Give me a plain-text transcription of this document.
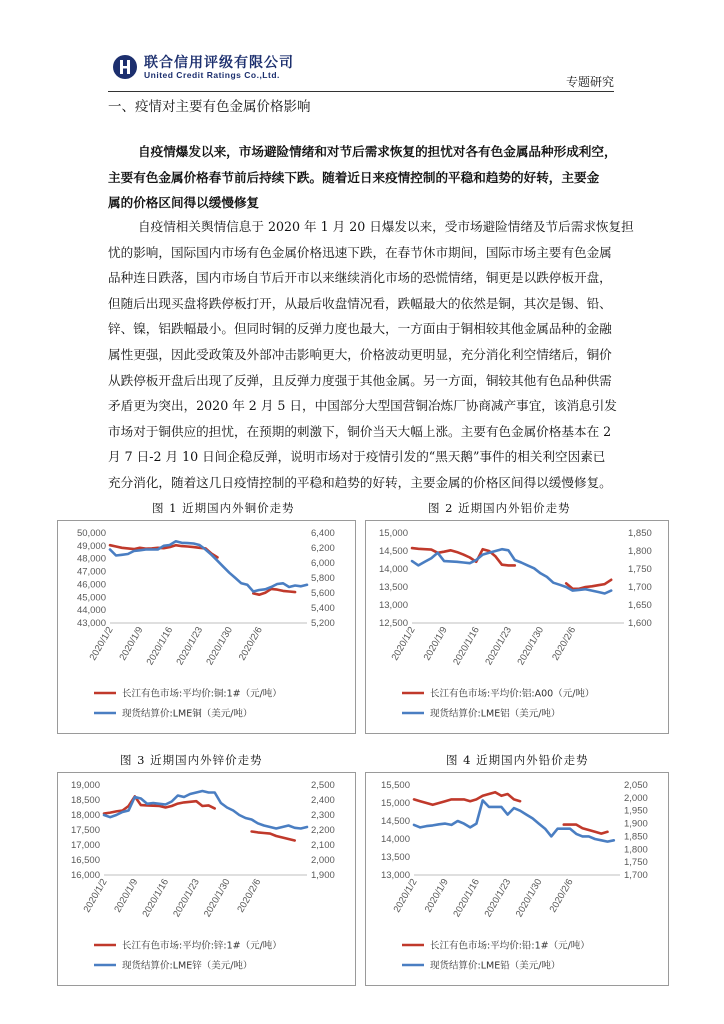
联合信用评级有限公司
United Credit Ratings Co.,Ltd.	专题研究
一、疫情对主要有色金属价格影响

自疫情爆发以来，市场避险情绪和对节后需求恢复的担忧对各有色金属品种形成利空，
主要有色金属价格春节前后持续下跌。随着近日来疫情控制的平稳和趋势的好转，主要金
属的价格区间得以缓慢修复

自疫情相关舆情信息于 2020 年 1 月 20 日爆发以来，受市场避险情绪及节后需求恢复担
忧的影响，国际国内市场有色金属价格迅速下跌，在春节休市期间，国际市场主要有色金属
品种连日跌落，国内市场自节后开市以来继续消化市场的恐慌情绪，铜更是以跌停板开盘，
但随后出现买盘将跌停板打开，从最后收盘情况看，跌幅最大的依然是铜，其次是锡、铅、
锌、镍，铝跌幅最小。但同时铜的反弹力度也最大，一方面由于铜相较其他金属品种的金融
属性更强，因此受政策及外部冲击影响更大，价格波动更明显，充分消化利空情绪后，铜价
从跌停板开盘后出现了反弹，且反弹力度强于其他金属。另一方面，铜较其他有色品种供需
矛盾更为突出，2020 年 2 月 5 日，中国部分大型国营铜冶炼厂协商减产事宜，该消息引发
市场对于铜供应的担忧，在预期的刺激下，铜价当天大幅上涨。主要有色金属价格基本在 2
月 7 日-2 月 10 日间企稳反弹，说明市场对于疫情引发的“黑天鹅”事件的相关利空因素已
充分消化，随着这几日疫情控制的平稳和趋势的好转，主要金属的价格区间得以缓慢修复。

图 1 近期国内外铜价走势	图 2 近期国内外铝价走势
图 3 近期国内外锌价走势	图 4 近期国内外铅价走势
43,000
44,000
45,000
46,000
47,000
48,000
49,000
50,000
5,200
5,400
5,600
5,800
6,000
6,200
6,400
2020/1/2 2020/1/9 2020/1/16 2020/1/23 2020/1/30 2020/2/6
长江有色市场:平均价:铜:1#（元/吨）
现货结算价:LME铜（美元/吨）
12,500
13,000
13,500
14,000
14,500
15,000
1,600
1,650
1,700
1,750
1,800
1,850
2020/1/2 2020/1/9 2020/1/16 2020/1/23 2020/1/30 2020/2/6
长江有色市场:平均价:铝:A00（元/吨）
现货结算价:LME铝（美元/吨）
16,000
16,500
17,000
17,500
18,000
18,500
19,000
1,900
2,000
2,100
2,200
2,300
2,400
2,500
2020/1/2 2020/1/9 2020/1/16 2020/1/23 2020/1/30 2020/2/6
长江有色市场:平均价:锌:1#（元/吨）
现货结算价:LME锌（美元/吨）
13,000
13,500
14,000
14,500
15,000
15,500
1,700
1,750
1,800
1,850
1,900
1,950
2,000
2,050
2020/1/2 2020/1/9 2020/1/16 2020/1/23 2020/1/30 2020/2/6
长江有色市场:平均价:铅:1#（元/吨）
现货结算价:LME铅（美元/吨）
